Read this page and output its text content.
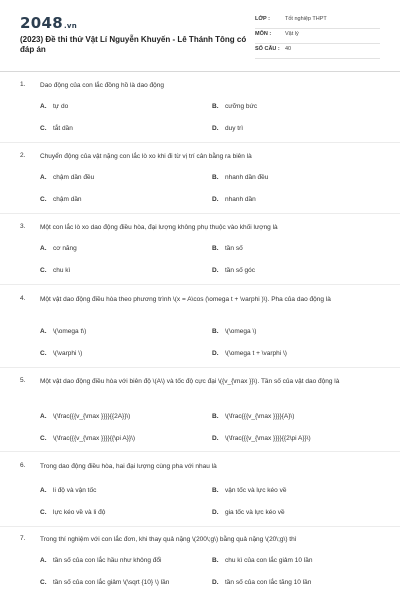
2048.vn
(2023) Đề thi thử Vật Lí Nguyễn Khuyến - Lê Thánh Tông có đáp án
LỚP :	Tốt nghiệp THPT
MÔN :	Vật lý
SỐ CÂU : 40
1. Dao động của con lắc đồng hồ là dao động
A. tự do	B. cưỡng bức
C. tắt dần	D. duy trì
2. Chuyển động của vật nặng con lắc lò xo khi đi từ vị trí cân bằng ra biên là
A. chậm dần đều	B. nhanh dần đều
C. chậm dần	D. nhanh dần
3. Một con lắc lò xo dao động điều hòa, đại lượng không phụ thuộc vào khối lượng là
A. cơ năng	B. tần số
C. chu kì	D. tần số góc
4. Một vật dao động điều hòa theo phương trình \(x = A\cos (\omega t + \varphi )\). Pha của dao động là
A. \(\omega t\)	B. \(\omega \)
C. \(\varphi \)	D. \(\omega t + \varphi \)
5. Một vật dao động điều hòa với biên độ \(A\) và tốc độ cực đại \({v_{\max }}\). Tần số của vật dao động là
A. \(\frac{{{v_{\max }}}}{{2A}}\)	B. \(\frac{{{v_{\max }}}}{A}\)
C. \(\frac{{{v_{\max }}}}{{\pi A}}\)	D. \(\frac{{{v_{\max }}}}{{2\pi A}}\)
6. Trong dao động điều hòa, hai đại lượng cùng pha với nhau là
A. li độ và vận tốc	B. vận tốc và lực kéo về
C. lực kéo về và li độ	D. gia tốc và lực kéo về
7. Trong thí nghiệm với con lắc đơn, khi thay quả nặng \(200\;g\) bằng quả nặng \(20\;g\) thì
A. tần số của con lắc hầu như không đổi	B. chu kì của con lắc giảm 10 lần
C. tần số của con lắc giảm \(\sqrt {10} \) lần	D. tần số của con lắc tăng 10 lần
